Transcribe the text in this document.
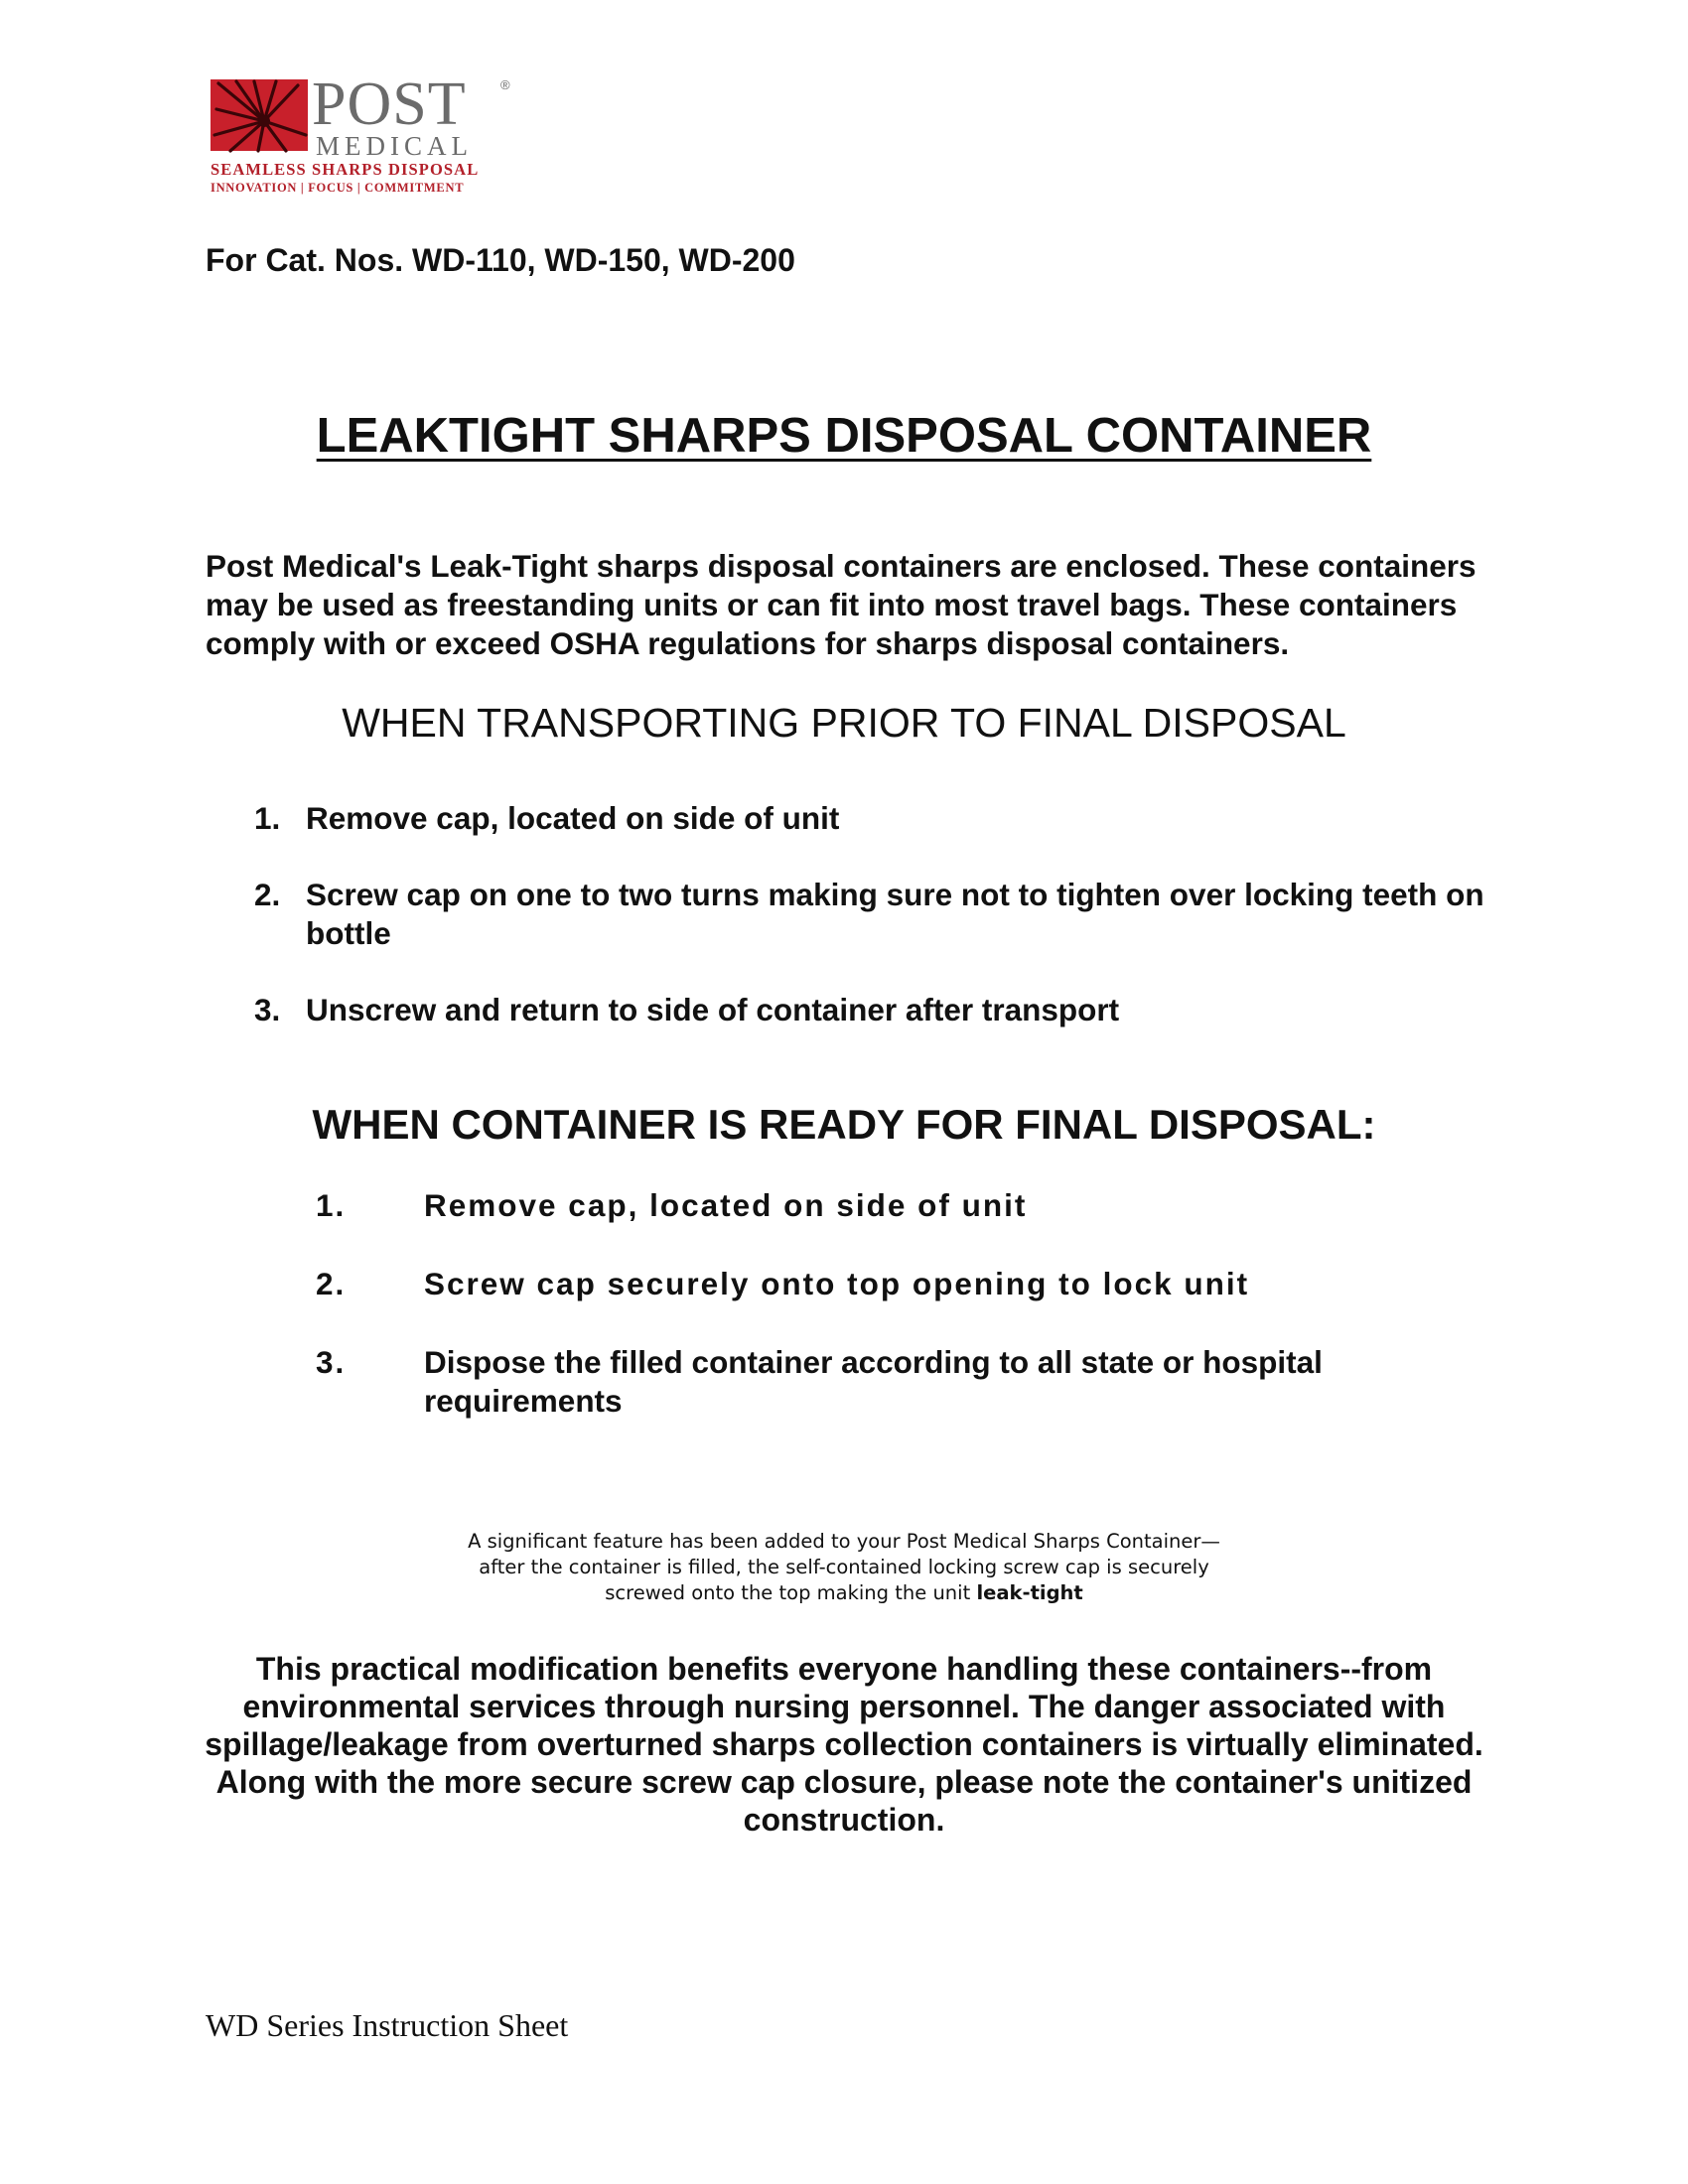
POST	®
MEDICAL
SEAMLESS SHARPS DISPOSAL
INNOVATION | FOCUS | COMMITMENT
For Cat. Nos. WD-110, WD-150, WD-200
LEAKTIGHT SHARPS DISPOSAL CONTAINER
Post Medical's Leak-Tight sharps disposal containers are enclosed. These containers may be used as freestanding units or can fit into most travel bags. These containers comply with or exceed OSHA regulations for sharps disposal containers.
WHEN TRANSPORTING PRIOR TO FINAL DISPOSAL
1. Remove cap, located on side of unit
2. Screw cap on one to two turns making sure not to tighten over locking teeth on bottle
3. Unscrew and return to side of container after transport
WHEN CONTAINER IS READY FOR FINAL DISPOSAL:
1. Remove cap, located on side of unit
2. Screw cap securely onto top opening to lock unit
3. Dispose the filled container according to all state or hospital requirements
A significant feature has been added to your Post Medical Sharps Container—
after the container is filled, the self-contained locking screw cap is securely
screwed onto the top making the unit leak-tight
This practical modification benefits everyone handling these containers--from
environmental services through nursing personnel. The danger associated with
spillage/leakage from overturned sharps collection containers is virtually eliminated.
Along with the more secure screw cap closure, please note the container's unitized
construction.
WD Series Instruction Sheet
